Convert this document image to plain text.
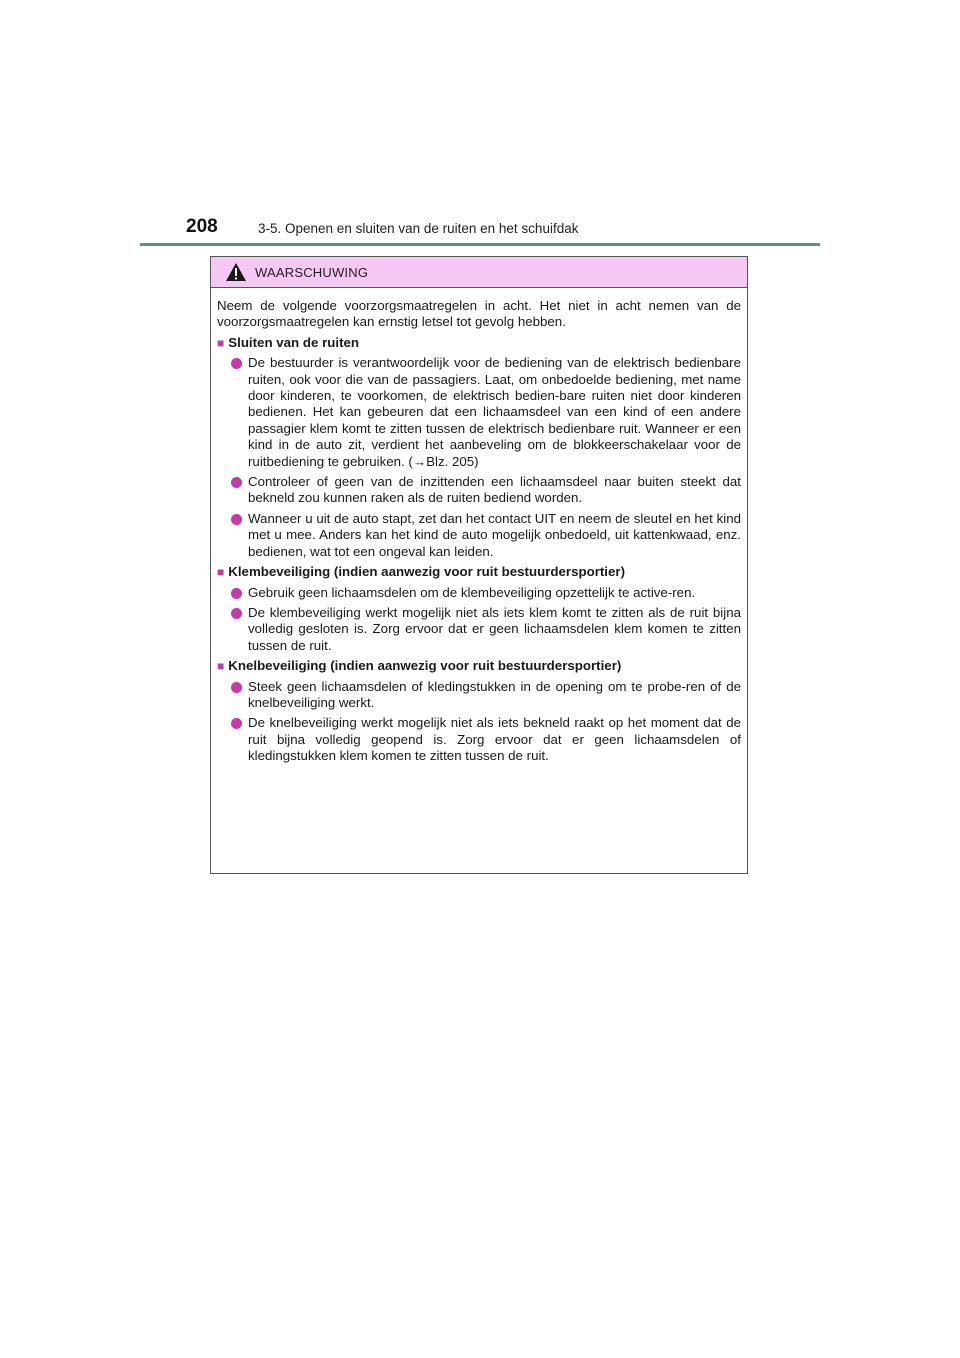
208	3-5. Openen en sluiten van de ruiten en het schuifdak
WAARSCHUWING

Neem de volgende voorzorgsmaatregelen in acht. Het niet in acht nemen van de voorzorgsmaatregelen kan ernstig letsel tot gevolg hebben.

■ Sluiten van de ruiten
De bestuurder is verantwoordelijk voor de bediening van de elektrisch bedienbare ruiten, ook voor die van de passagiers. Laat, om onbedoelde bediening, met name door kinderen, te voorkomen, de elektrisch bedien-bare ruiten niet door kinderen bedienen. Het kan gebeuren dat een lichaamsdeel van een kind of een andere passagier klem komt te zitten tussen de elektrisch bedienbare ruit. Wanneer er een kind in de auto zit, verdient het aanbeveling om de blokkeerschakelaar voor de ruitbediening te gebruiken. (→Blz. 205)
Controleer of geen van de inzittenden een lichaamsdeel naar buiten steekt dat bekneld zou kunnen raken als de ruiten bediend worden.
Wanneer u uit de auto stapt, zet dan het contact UIT en neem de sleutel en het kind met u mee. Anders kan het kind de auto mogelijk onbedoeld, uit kattenkwaad, enz. bedienen, wat tot een ongeval kan leiden.
■ Klembeveiliging (indien aanwezig voor ruit bestuurdersportier)
Gebruik geen lichaamsdelen om de klembeveiliging opzettelijk te active-ren.
De klembeveiliging werkt mogelijk niet als iets klem komt te zitten als de ruit bijna volledig gesloten is. Zorg ervoor dat er geen lichaamsdelen klem komen te zitten tussen de ruit.
■ Knelbeveiliging (indien aanwezig voor ruit bestuurdersportier)
Steek geen lichaamsdelen of kledingstukken in de opening om te probe-ren of de knelbeveiliging werkt.
De knelbeveiliging werkt mogelijk niet als iets bekneld raakt op het moment dat de ruit bijna volledig geopend is. Zorg ervoor dat er geen lichaamsdelen of kledingstukken klem komen te zitten tussen de ruit.
